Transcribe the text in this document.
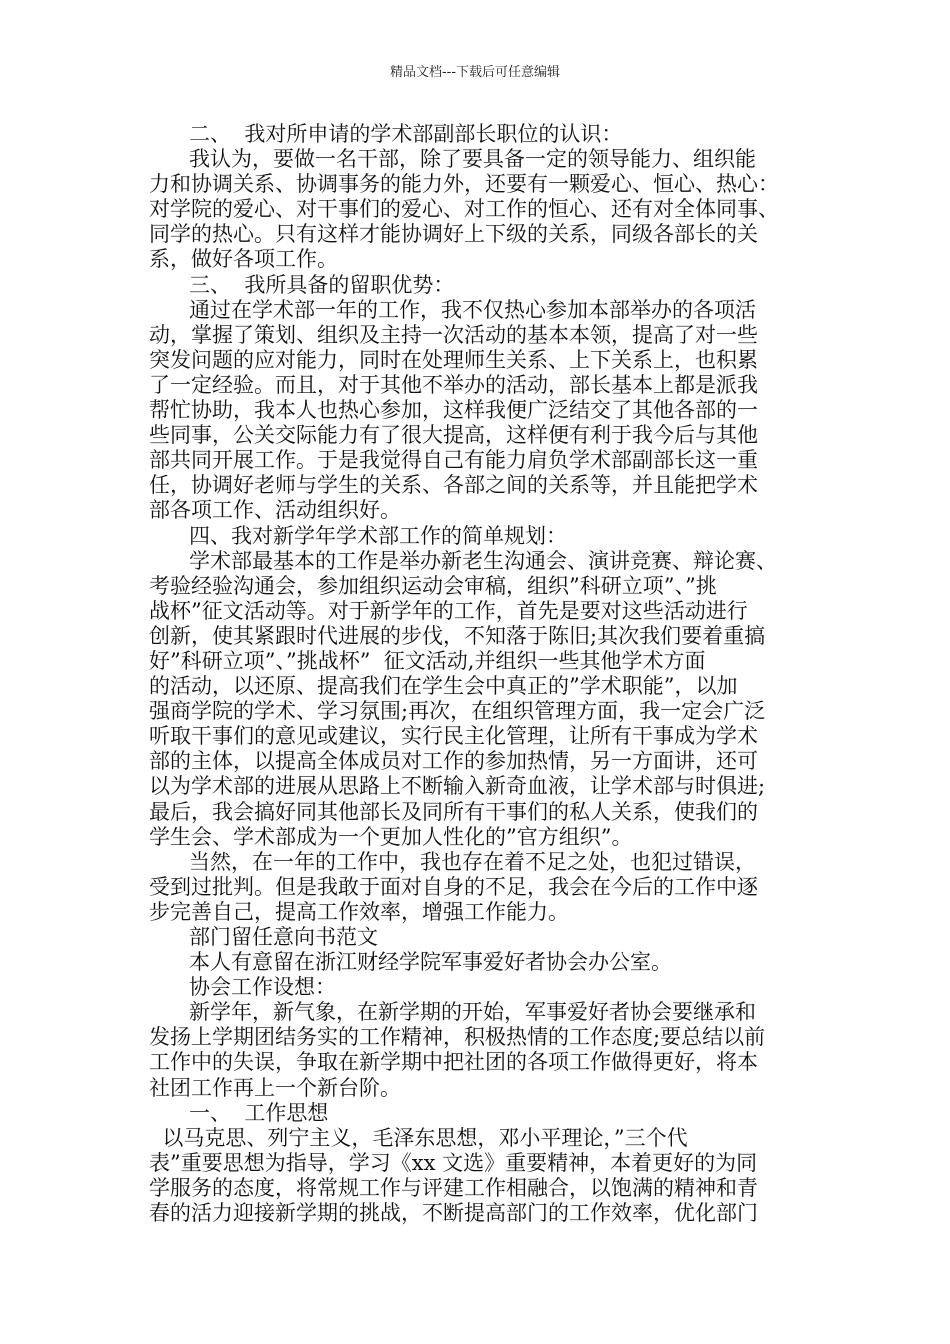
精品文档---下载后可任意编辑
二、  我对所申请的学术部副部长职位的认识：
我认为，要做一名干部，除了要具备一定的领导能力、组织能
力和协调关系、协调事务的能力外，还要有一颗爱心、恒心、热心：
对学院的爱心、对干事们的爱心、对工作的恒心、还有对全体同事、
同学的热心。只有这样才能协调好上下级的关系，同级各部长的关
系，做好各项工作。
三、  我所具备的留职优势：
通过在学术部一年的工作，我不仅热心参加本部举办的各项活
动，掌握了策划、组织及主持一次活动的基本本领，提高了对一些
突发问题的应对能力，同时在处理师生关系、上下关系上，也积累
了一定经验。而且，对于其他不举办的活动，部长基本上都是派我
帮忙协助，我本人也热心参加，这样我便广泛结交了其他各部的一
些同事，公关交际能力有了很大提高，这样便有利于我今后与其他
部共同开展工作。于是我觉得自己有能力肩负学术部副部长这一重
任，协调好老师与学生的关系、各部之间的关系等，并且能把学术
部各项工作、活动组织好。
四、我对新学年学术部工作的简单规划：
学术部最基本的工作是举办新老生沟通会、演讲竞赛、辩论赛、
考验经验沟通会，参加组织运动会审稿，组织”科研立项”、”挑
战杯”征文活动等。对于新学年的工作，首先是要对这些活动进行
创新，使其紧跟时代进展的步伐，不知落于陈旧;其次我们要着重搞
好”科研立项”、”挑战杯”  征文活动,并组织一些其他学术方面
的活动，以还原、提高我们在学生会中真正的”学术职能”，以加
强商学院的学术、学习氛围;再次，在组织管理方面，我一定会广泛
听取干事们的意见或建议，实行民主化管理，让所有干事成为学术
部的主体，以提高全体成员对工作的参加热情，另一方面讲，还可
以为学术部的进展从思路上不断输入新奇血液，让学术部与时俱进;
最后，我会搞好同其他部长及同所有干事们的私人关系，使我们的
学生会、学术部成为一个更加人性化的”官方组织”。
当然，在一年的工作中，我也存在着不足之处，也犯过错误，
受到过批判。但是我敢于面对自身的不足，我会在今后的工作中逐
步完善自己，提高工作效率，增强工作能力。
部门留任意向书范文
本人有意留在浙江财经学院军事爱好者协会办公室。
协会工作设想：
新学年，新气象，在新学期的开始，军事爱好者协会要继承和
发扬上学期团结务实的工作精神，积极热情的工作态度;要总结以前
工作中的失误，争取在新学期中把社团的各项工作做得更好，将本
社团工作再上一个新台阶。
一、  工作思想
以马克思、列宁主义，毛泽东思想，邓小平理论，”三个代
表”重要思想为指导，学习《xx 文选》重要精神，本着更好的为同
学服务的态度，将常规工作与评建工作相融合，以饱满的精神和青
春的活力迎接新学期的挑战，不断提高部门的工作效率，优化部门
